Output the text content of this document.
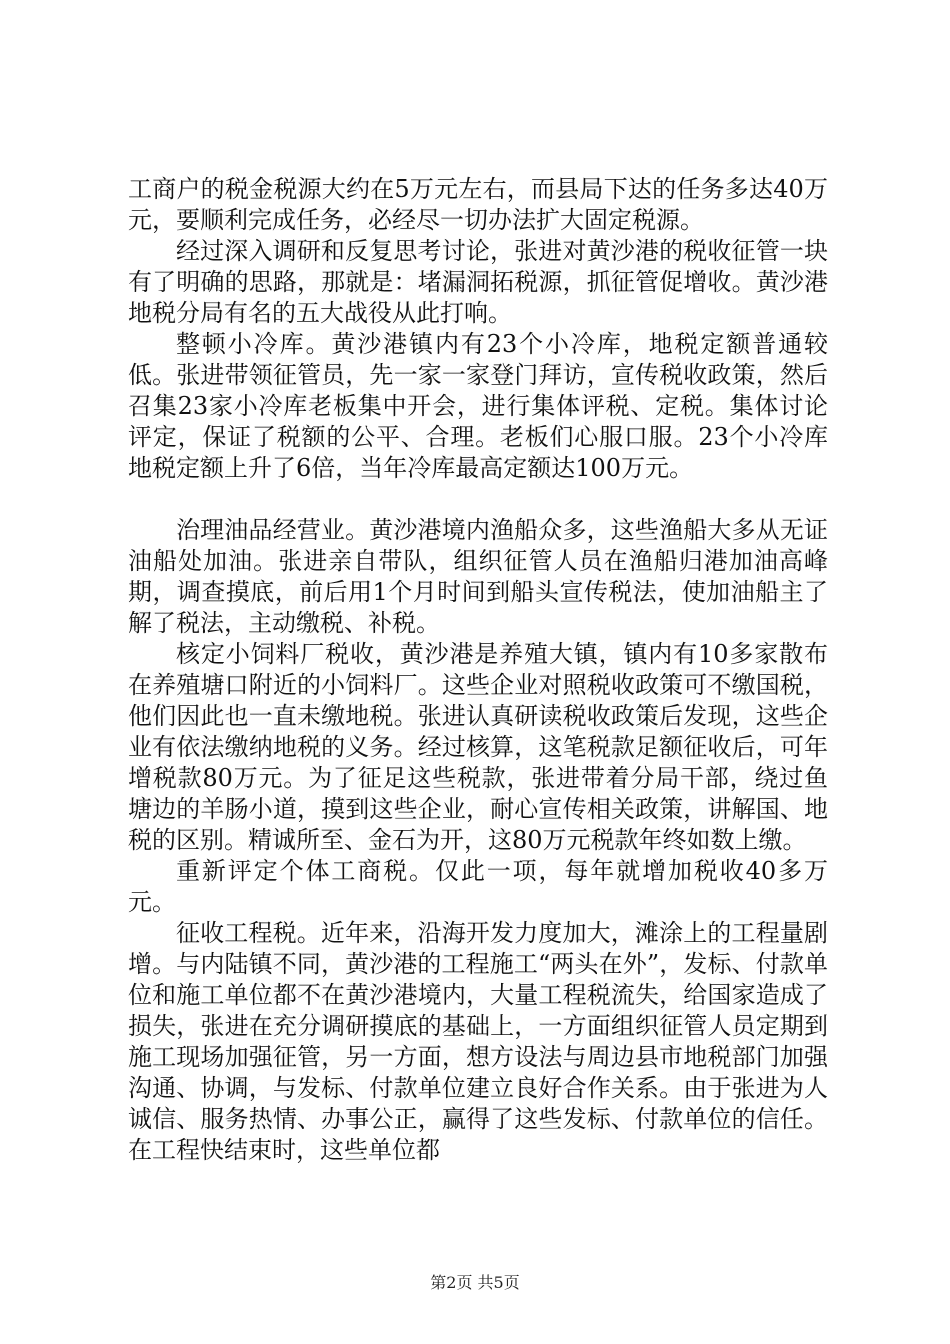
工商户的税金税源大约在5万元左右，而县局下达的任务多达40万元，要顺利完成任务，必经尽一切办法扩大固定税源。

经过深入调研和反复思考讨论，张进对黄沙港的税收征管一块有了明确的思路，那就是：堵漏洞拓税源，抓征管促增收。黄沙港地税分局有名的五大战役从此打响。

整顿小冷库。黄沙港镇内有23个小冷库，地税定额普通较低。张进带领征管员，先一家一家登门拜访，宣传税收政策，然后召集23家小冷库老板集中开会，进行集体评税、定税。集体讨论评定，保证了税额的公平、合理。老板们心服口服。23个小冷库地税定额上升了6倍，当年冷库最高定额达100万元。

治理油品经营业。黄沙港境内渔船众多，这些渔船大多从无证油船处加油。张进亲自带队，组织征管人员在渔船归港加油高峰期，调查摸底，前后用1个月时间到船头宣传税法，使加油船主了解了税法，主动缴税、补税。

核定小饲料厂税收，黄沙港是养殖大镇，镇内有10多家散布在养殖塘口附近的小饲料厂。这些企业对照税收政策可不缴国税，他们因此也一直未缴地税。张进认真研读税收政策后发现，这些企业有依法缴纳地税的义务。经过核算，这笔税款足额征收后，可年增税款80万元。为了征足这些税款，张进带着分局干部，绕过鱼塘边的羊肠小道，摸到这些企业，耐心宣传相关政策，讲解国、地税的区别。精诚所至、金石为开，这80万元税款年终如数上缴。

重新评定个体工商税。仅此一项，每年就增加税收40多万元。

征收工程税。近年来，沿海开发力度加大，滩涂上的工程量剧增。与内陆镇不同，黄沙港的工程施工“两头在外”，发标、付款单位和施工单位都不在黄沙港境内，大量工程税流失，给国家造成了损失，张进在充分调研摸底的基础上，一方面组织征管人员定期到施工现场加强征管，另一方面，想方设法与周边县市地税部门加强沟通、协调，与发标、付款单位建立良好合作关系。由于张进为人诚信、服务热情、办事公正，赢得了这些发标、付款单位的信任。在工程快结束时，这些单位都

第2页 共5页
